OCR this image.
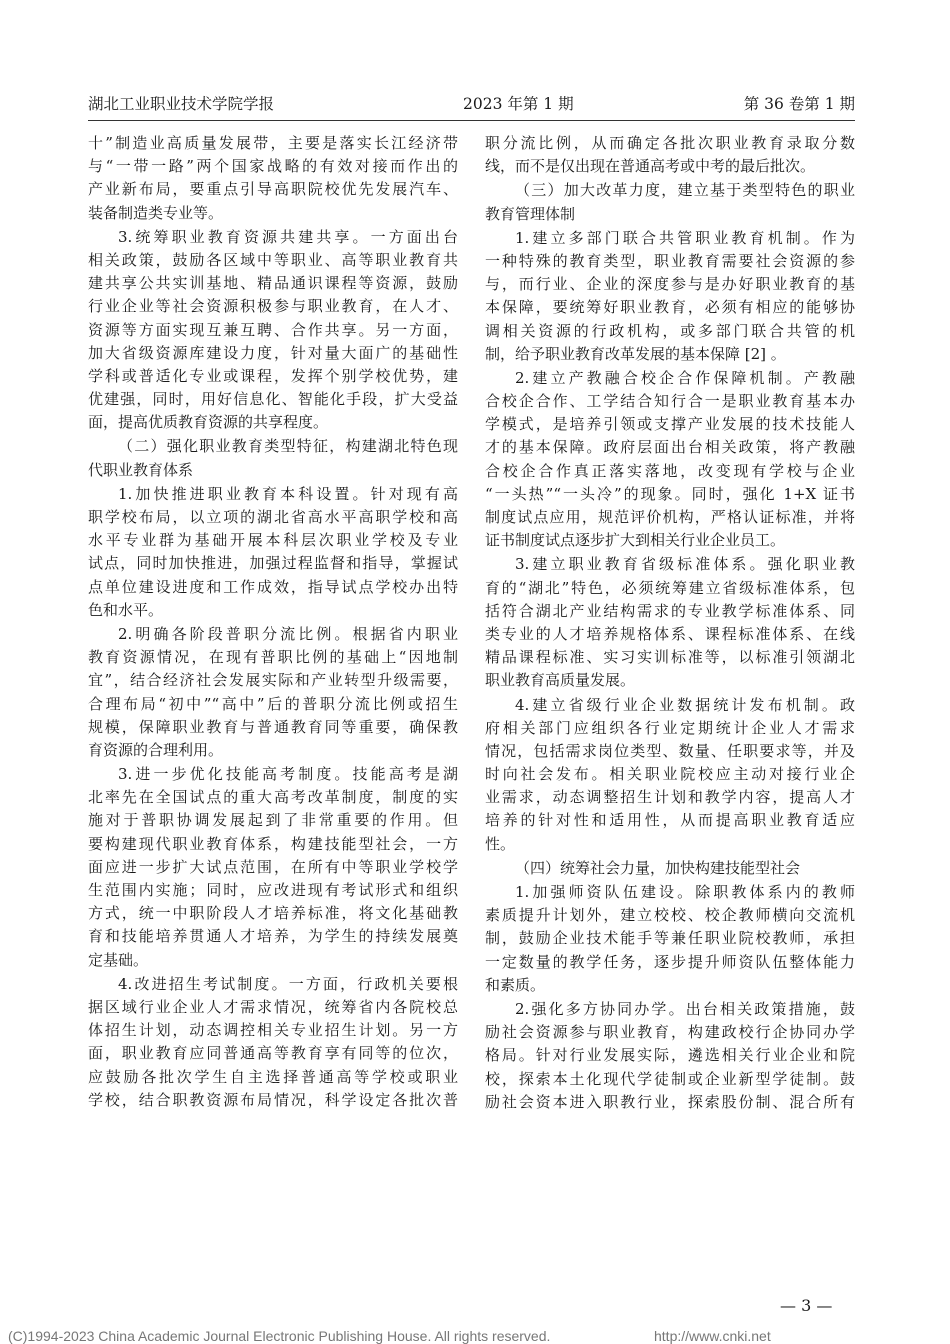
湖北工业职业技术学院学报	2023 年第 1 期	第 36 卷第 1 期
十”制造业高质量发展带，主要是落实长江经济带
与“一带一路”两个国家战略的有效对接而作出的
产业新布局，要重点引导高职院校优先发展汽车、
装备制造类专业等。
3.统筹职业教育资源共建共享。一方面出台
相关政策，鼓励各区域中等职业、高等职业教育共
建共享公共实训基地、精品通识课程等资源，鼓励
行业企业等社会资源积极参与职业教育，在人才、
资源等方面实现互兼互聘、合作共享。另一方面，
加大省级资源库建设力度，针对量大面广的基础性
学科或普适化专业或课程，发挥个别学校优势，建
优建强，同时，用好信息化、智能化手段，扩大受益
面，提高优质教育资源的共享程度。
（二）强化职业教育类型特征，构建湖北特色现
代职业教育体系
1.加快推进职业教育本科设置。针对现有高
职学校布局，以立项的湖北省高水平高职学校和高
水平专业群为基础开展本科层次职业学校及专业
试点，同时加快推进，加强过程监督和指导，掌握试
点单位建设进度和工作成效，指导试点学校办出特
色和水平。
2.明确各阶段普职分流比例。根据省内职业
教育资源情况，在现有普职比例的基础上“因地制
宜”，结合经济社会发展实际和产业转型升级需要，
合理布局“初中”“高中”后的普职分流比例或招生
规模，保障职业教育与普通教育同等重要，确保教
育资源的合理利用。
3.进一步优化技能高考制度。技能高考是湖
北率先在全国试点的重大高考改革制度，制度的实
施对于普职协调发展起到了非常重要的作用。但
要构建现代职业教育体系，构建技能型社会，一方
面应进一步扩大试点范围，在所有中等职业学校学
生范围内实施；同时，应改进现有考试形式和组织
方式，统一中职阶段人才培养标准，将文化基础教
育和技能培养贯通人才培养，为学生的持续发展奠
定基础。
4.改进招生考试制度。一方面，行政机关要根
据区域行业企业人才需求情况，统筹省内各院校总
体招生计划，动态调控相关专业招生计划。另一方
面，职业教育应同普通高等教育享有同等的位次，
应鼓励各批次学生自主选择普通高等学校或职业
学校，结合职教资源布局情况，科学设定各批次普
职分流比例，从而确定各批次职业教育录取分数
线，而不是仅出现在普通高考或中考的最后批次。
（三）加大改革力度，建立基于类型特色的职业
教育管理体制
1.建立多部门联合共管职业教育机制。作为
一种特殊的教育类型，职业教育需要社会资源的参
与，而行业、企业的深度参与是办好职业教育的基
本保障，要统筹好职业教育，必须有相应的能够协
调相关资源的行政机构，或多部门联合共管的机
制，给予职业教育改革发展的基本保障 [2] 。
2.建立产教融合校企合作保障机制。产教融
合校企合作、工学结合知行合一是职业教育基本办
学模式，是培养引领或支撑产业发展的技术技能人
才的基本保障。政府层面出台相关政策，将产教融
合校企合作真正落实落地，改变现有学校与企业
“一头热”“一头冷”的现象。同时，强化 1+X 证书
制度试点应用，规范评价机构，严格认证标准，并将
证书制度试点逐步扩大到相关行业企业员工。
3.建立职业教育省级标准体系。强化职业教
育的“湖北”特色，必须统筹建立省级标准体系，包
括符合湖北产业结构需求的专业教学标准体系、同
类专业的人才培养规格体系、课程标准体系、在线
精品课程标准、实习实训标准等，以标准引领湖北
职业教育高质量发展。
4.建立省级行业企业数据统计发布机制。政
府相关部门应组织各行业定期统计企业人才需求
情况，包括需求岗位类型、数量、任职要求等，并及
时向社会发布。相关职业院校应主动对接行业企
业需求，动态调整招生计划和教学内容，提高人才
培养的针对性和适用性，从而提高职业教育适应
性。
（四）统筹社会力量，加快构建技能型社会
1.加强师资队伍建设。除职教体系内的教师
素质提升计划外，建立校校、校企教师横向交流机
制，鼓励企业技术能手等兼任职业院校教师，承担
一定数量的教学任务，逐步提升师资队伍整体能力
和素质。
2.强化多方协同办学。出台相关政策措施，鼓
励社会资源参与职业教育，构建政校行企协同办学
格局。针对行业发展实际，遴选相关行业企业和院
校，探索本土化现代学徒制或企业新型学徒制。鼓
励社会资本进入职教行业，探索股份制、混合所有
— 3 —
(C)1994-2023 China Academic Journal Electronic Publishing House. All rights reserved.	http://www.cnki.net
